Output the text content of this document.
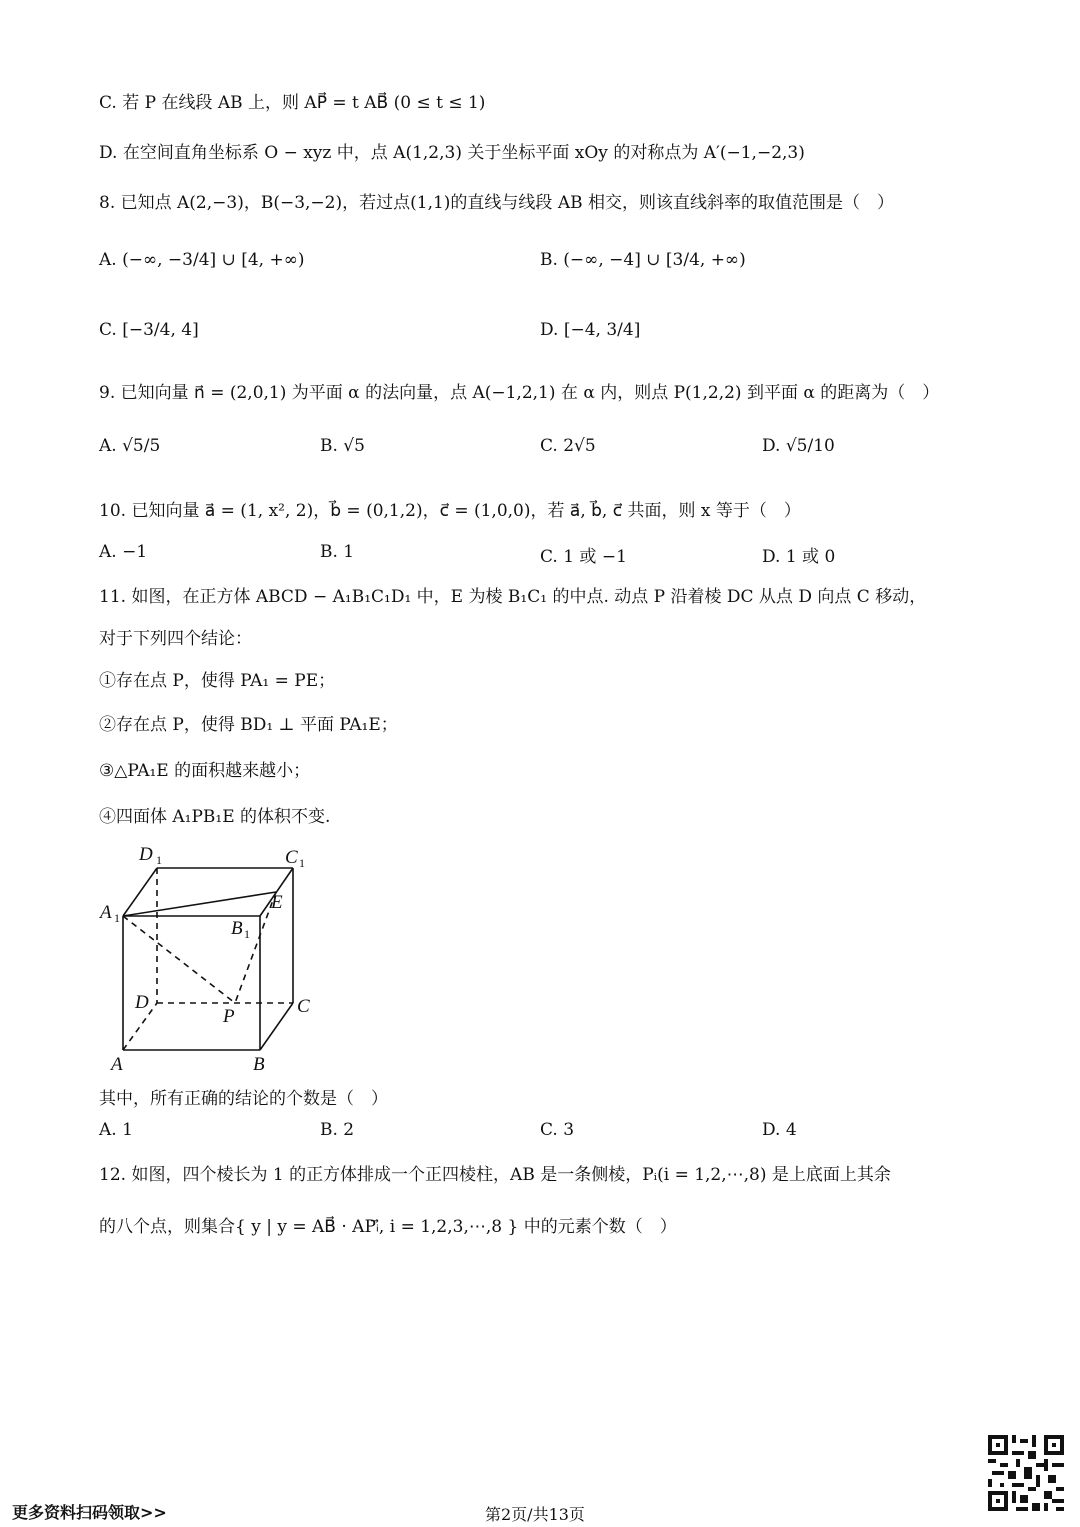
C. 若 P 在线段 AB 上，则 AP⃗ = t AB⃗ (0 ≤ t ≤ 1)
D. 在空间直角坐标系 O − xyz 中，点 A(1,2,3) 关于坐标平面 xOy 的对称点为 A′(−1,−2,3)
8. 已知点 A(2,−3)，B(−3,−2)，若过点(1,1)的直线与线段 AB 相交，则该直线斜率的取值范围是（　）
A. (−∞, −3/4] ∪ [4, +∞)	B. (−∞, −4] ∪ [3/4, +∞)
C. [−3/4, 4]	D. [−4, 3/4]
9. 已知向量 n⃗ = (2,0,1) 为平面 α 的法向量，点 A(−1,2,1) 在 α 内，则点 P(1,2,2) 到平面 α 的距离为（　）
A. √5/5	B. √5	C. 2√5	D. √5/10
10. 已知向量 a⃗ = (1, x², 2)，b⃗ = (0,1,2)，c⃗ = (1,0,0)，若 a⃗, b⃗, c⃗ 共面，则 x 等于（　）
A. −1	B. 1	C. 1 或 −1	D. 1 或 0
11. 如图，在正方体 ABCD − A₁B₁C₁D₁ 中，E 为棱 B₁C₁ 的中点. 动点 P 沿着棱 DC 从点 D 向点 C 移动，
对于下列四个结论：
①存在点 P，使得 PA₁ = PE；
②存在点 P，使得 BD₁ ⊥ 平面 PA₁E；
③△PA₁E 的面积越来越小；
④四面体 A₁PB₁E 的体积不变.
D 1	C 1
A 1	B 1
E
D
P	C
A	B
其中，所有正确的结论的个数是（　）
A. 1	B. 2	C. 3	D. 4
12. 如图，四个棱长为 1 的正方体排成一个正四棱柱，AB 是一条侧棱，Pᵢ(i = 1,2,⋯,8) 是上底面上其余
的八个点，则集合{ y | y = AB⃗ · APᵢ⃗, i = 1,2,3,⋯,8 } 中的元素个数（　）
更多资料扫码领取>>	第2页/共13页
